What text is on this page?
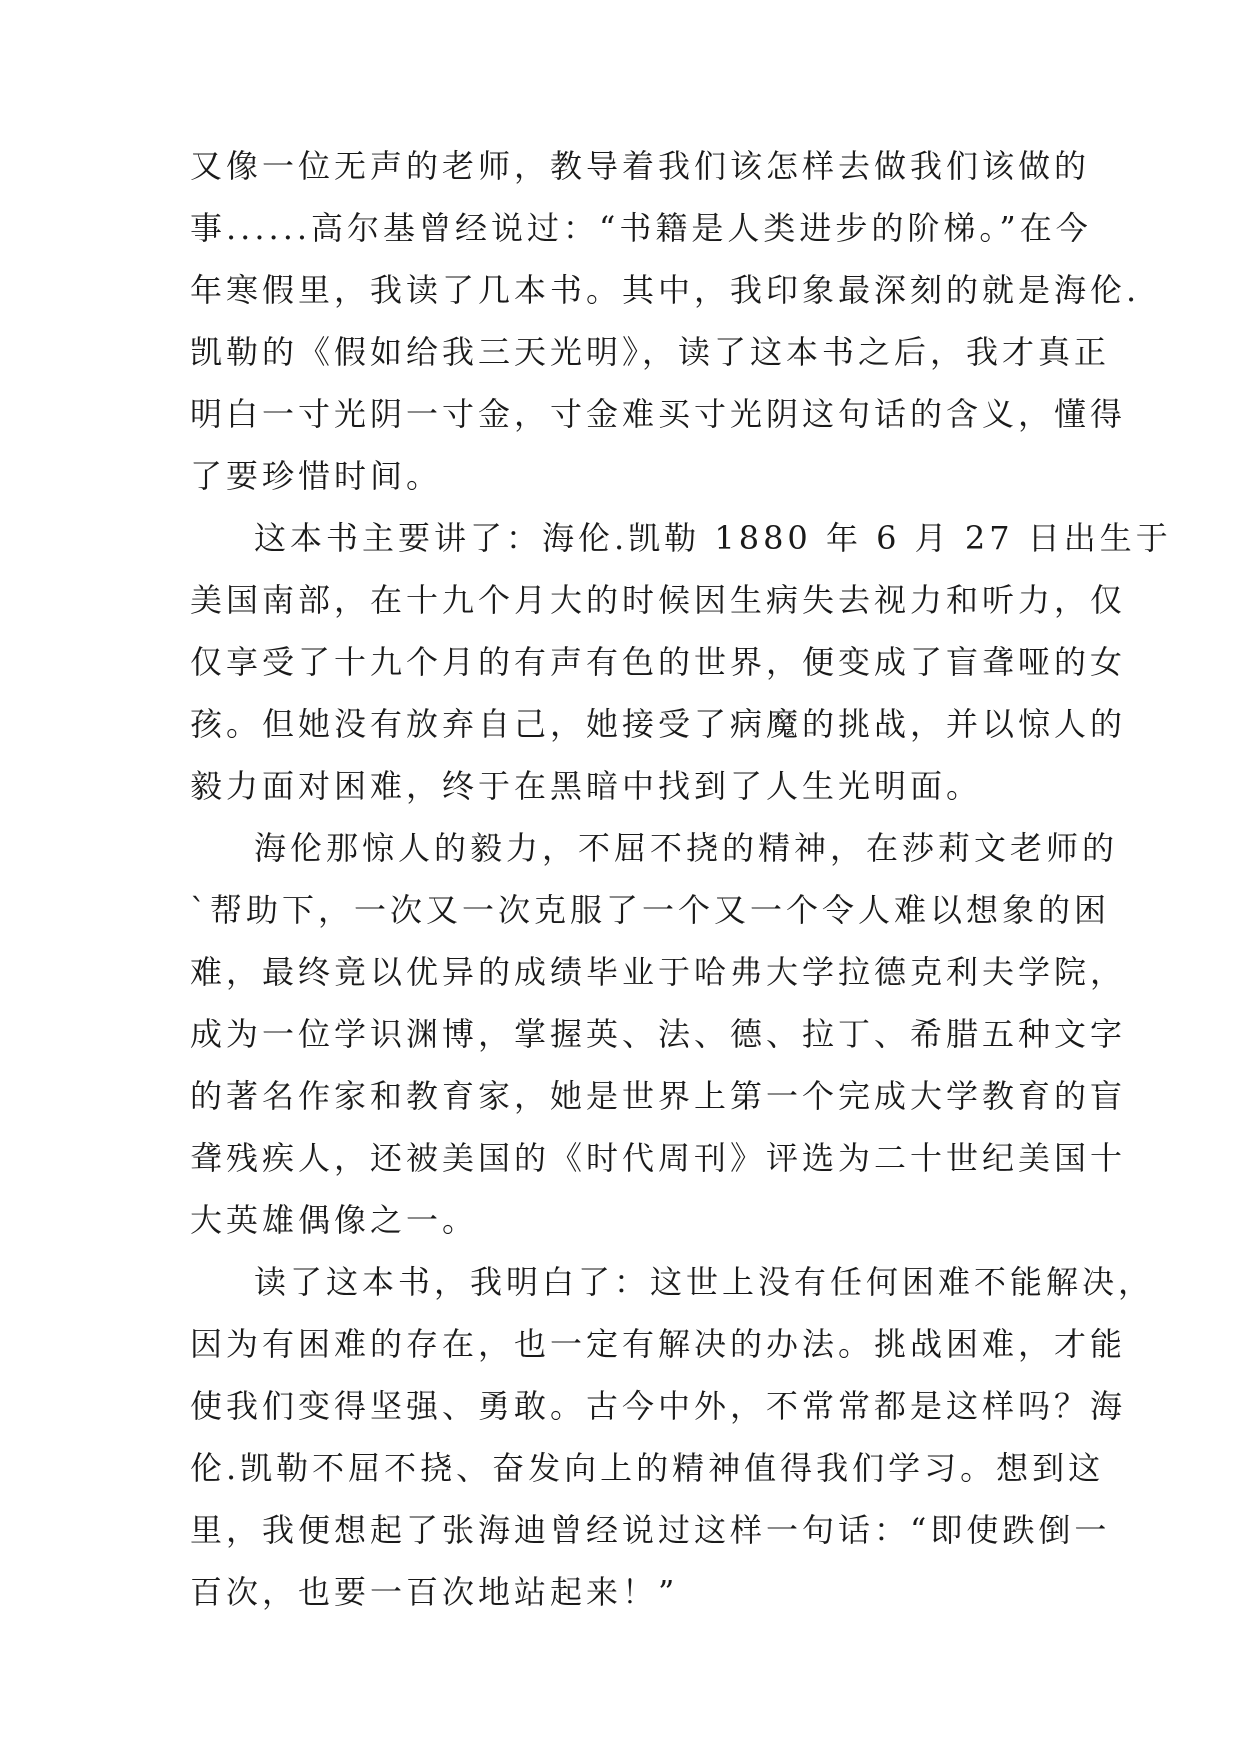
又像一位无声的老师，教导着我们该怎样去做我们该做的
事......高尔基曾经说过：“书籍是人类进步的阶梯。”在今
年寒假里，我读了几本书。其中，我印象最深刻的就是海伦.
凯勒的《假如给我三天光明》，读了这本书之后，我才真正
明白一寸光阴一寸金，寸金难买寸光阴这句话的含义，懂得
了要珍惜时间。
这本书主要讲了：海伦.凯勒 1880 年 6 月 27 日出生于
美国南部，在十九个月大的时候因生病失去视力和听力，仅
仅享受了十九个月的有声有色的世界，便变成了盲聋哑的女
孩。但她没有放弃自己，她接受了病魔的挑战，并以惊人的
毅力面对困难，终于在黑暗中找到了人生光明面。
海伦那惊人的毅力，不屈不挠的精神，在莎莉文老师的
`帮助下，一次又一次克服了一个又一个令人难以想象的困
难，最终竟以优异的成绩毕业于哈弗大学拉德克利夫学院，
成为一位学识渊博，掌握英、法、德、拉丁、希腊五种文字
的著名作家和教育家，她是世界上第一个完成大学教育的盲
聋残疾人，还被美国的《时代周刊》评选为二十世纪美国十
大英雄偶像之一。
读了这本书，我明白了：这世上没有任何困难不能解决，
因为有困难的存在，也一定有解决的办法。挑战困难，才能
使我们变得坚强、勇敢。古今中外，不常常都是这样吗？海
伦.凯勒不屈不挠、奋发向上的精神值得我们学习。想到这
里，我便想起了张海迪曾经说过这样一句话：“即使跌倒一
百次，也要一百次地站起来！”
